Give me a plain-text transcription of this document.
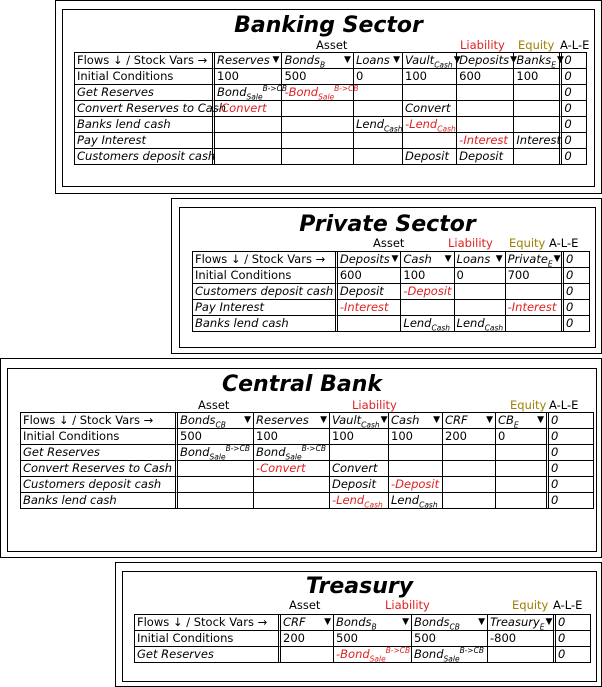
Banking Sector
Asset	Liability Equity A-L-E
Flows ↓ / Stock Vars →	Reserves ▼	Bonds$_B$ ▼	Loans ▼	Vault$_{Cash}$ ▼	Deposits ▼	Banks$_E$ ▼	0
Initial Conditions	100	500	0	100	600	100	0
Get Reserves	Bond$_{Sale}^{B->CB}$	-Bond$_{Sale}^{B->CB}$					0
Convert Reserves to Cash	-Convert			Convert			0
Banks lend cash			Lend$_{Cash}$	-Lend$_{Cash}$			0
Pay Interest					-Interest	Interest	0
Customers deposit cash				Deposit	Deposit		0
Private Sector
Asset	Liability Equity A-L-E
Flows ↓ / Stock Vars →	Deposits ▼	Cash ▼	Loans ▼	Private$_E$ ▼	0
Initial Conditions	600	100	0	700	0
Customers deposit cash	Deposit	-Deposit			0
Pay Interest	-Interest			-Interest	0
Banks lend cash		Lend$_{Cash}$	Lend$_{Cash}$		0
Central Bank
Asset	Liability	Equity A-L-E
Flows ↓ / Stock Vars →	Bonds$_{CB}$ ▼	Reserves ▼	Vault$_{Cash}$ ▼	Cash ▼	CRF ▼	$CB_E$ ▼	0
Initial Conditions	500	100	100	100	200	0	0
Get Reserves	Bond$_{Sale}^{B->CB}$	Bond$_{Sale}^{B->CB}$					0
Convert Reserves to Cash		-Convert	Convert				0
Customers deposit cash			Deposit	-Deposit			0
Banks lend cash			-Lend$_{Cash}$	Lend$_{Cash}$			0
Treasury
Asset	Liability	Equity A-L-E
Flows ↓ / Stock Vars →	CRF ▼	Bonds$_B$ ▼	Bonds$_{CB}$ ▼	Treasury$_E$ ▼	0
Initial Conditions	200	500	500	-800	0
Get Reserves		-Bond$_{Sale}^{B->CB}$	Bond$_{Sale}^{B->CB}$		0
